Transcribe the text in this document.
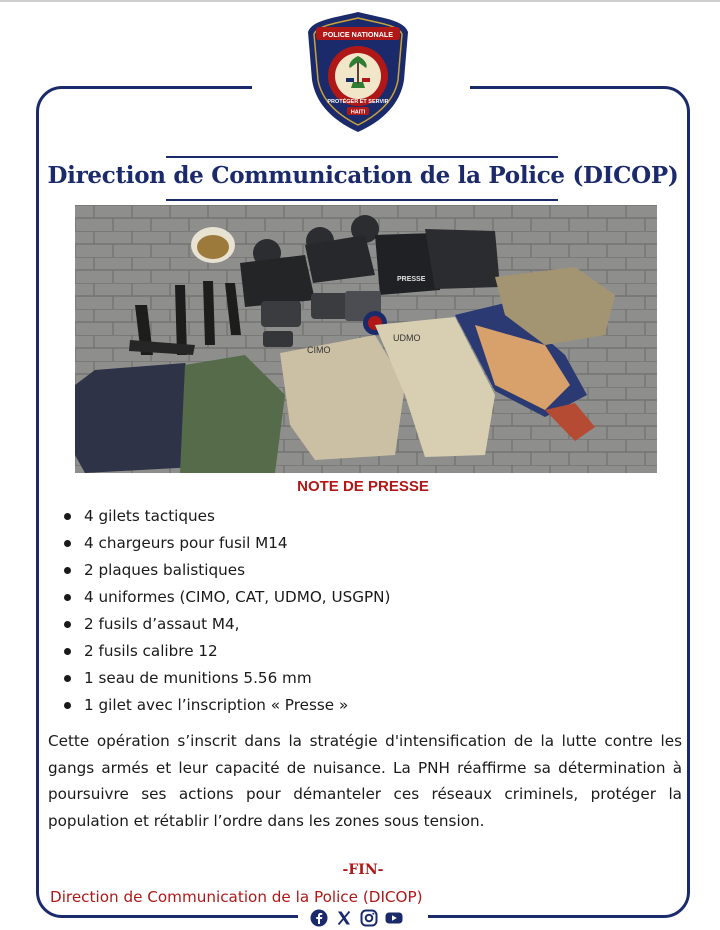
POLICE NATIONALE
PROTÉGER ET SERVIR
HAITI
Direction de Communication de la Police (DICOP)
PRESSE
CIMO
UDMO
NOTE DE PRESSE
4 gilets tactiques
4 chargeurs pour fusil M14
2 plaques balistiques
4 uniformes (CIMO, CAT, UDMO, USGPN)
2 fusils d’assaut M4,
2 fusils calibre 12
1 seau de munitions 5.56 mm
1 gilet avec l’inscription « Presse »
Cette opération s’inscrit dans la stratégie d'intensification de la lutte contre les gangs armés et leur capacité de nuisance. La PNH réaffirme sa détermination à poursuivre ses actions pour démanteler ces réseaux criminels, protéger la population et rétablir l’ordre dans les zones sous tension.
-FIN-
Direction de Communication de la Police (DICOP)
